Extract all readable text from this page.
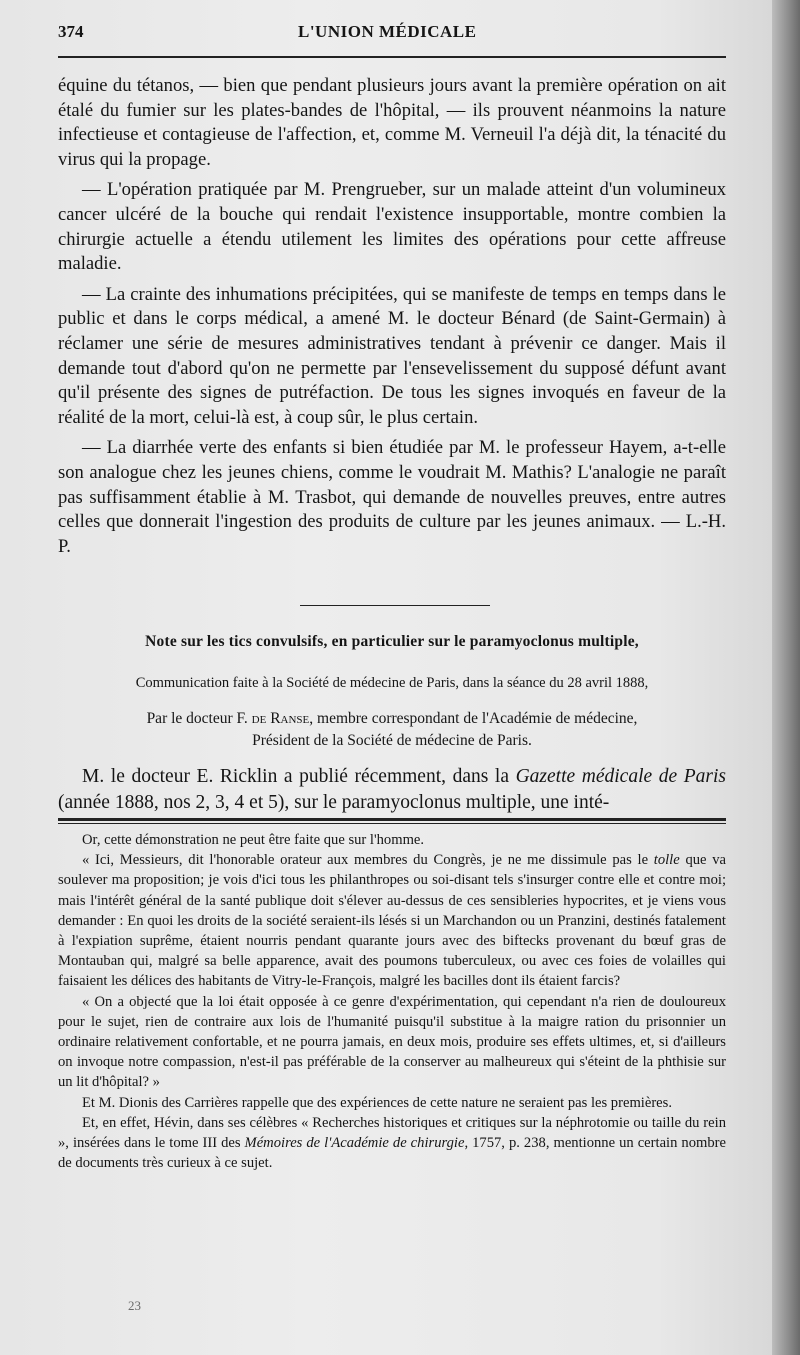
374	L'UNION MÉDICALE

équine du tétanos, — bien que pendant plusieurs jours avant la première opération on ait étalé du fumier sur les plates-bandes de l'hôpital, — ils prouvent néanmoins la nature infectieuse et contagieuse de l'affection, et, comme M. Verneuil l'a déjà dit, la ténacité du virus qui la propage.

— L'opération pratiquée par M. Prengrueber, sur un malade atteint d'un volumineux cancer ulcéré de la bouche qui rendait l'existence insupportable, montre combien la chirurgie actuelle a étendu utilement les limites des opérations pour cette affreuse maladie.

— La crainte des inhumations précipitées, qui se manifeste de temps en temps dans le public et dans le corps médical, a amené M. le docteur Bénard (de Saint-Germain) à réclamer une série de mesures administratives tendant à prévenir ce danger. Mais il demande tout d'abord qu'on ne permette par l'ensevelissement du supposé défunt avant qu'il présente des signes de putréfaction. De tous les signes invoqués en faveur de la réalité de la mort, celui-là est, à coup sûr, le plus certain.

— La diarrhée verte des enfants si bien étudiée par M. le professeur Hayem, a-t-elle son analogue chez les jeunes chiens, comme le voudrait M. Mathis? L'analogie ne paraît pas suffisamment établie à M. Trasbot, qui demande de nouvelles preuves, entre autres celles que donnerait l'ingestion des produits de culture par les jeunes animaux. — L.-H. P.

Note sur les tics convulsifs, en particulier sur le paramyoclonus multiple,
Communication faite à la Société de médecine de Paris, dans la séance du 28 avril 1888,
Par le docteur F. de Ranse, membre correspondant de l'Académie de médecine,
Président de la Société de médecine de Paris.

M. le docteur E. Ricklin a publié récemment, dans la Gazette médicale de Paris (année 1888, nos 2, 3, 4 et 5), sur le paramyoclonus multiple, une inté-

Or, cette démonstration ne peut être faite que sur l'homme.

« Ici, Messieurs, dit l'honorable orateur aux membres du Congrès, je ne me dissimule pas le tolle que va soulever ma proposition; je vois d'ici tous les philanthropes ou soi-disant tels s'insurger contre elle et contre moi; mais l'intérêt général de la santé publique doit s'élever au-dessus de ces sensibleries hypocrites, et je viens vous demander : En quoi les droits de la société seraient-ils lésés si un Marchandon ou un Pranzini, destinés fatalement à l'expiation suprême, étaient nourris pendant quarante jours avec des biftecks provenant du bœuf gras de Montauban qui, malgré sa belle apparence, avait des poumons tuberculeux, ou avec ces foies de volailles qui faisaient les délices des habitants de Vitry-le-François, malgré les bacilles dont ils étaient farcis?

« On a objecté que la loi était opposée à ce genre d'expérimentation, qui cependant n'a rien de douloureux pour le sujet, rien de contraire aux lois de l'humanité puisqu'il substitue à la maigre ration du prisonnier un ordinaire relativement confortable, et ne pourra jamais, en deux mois, produire ses effets ultimes, et, si d'ailleurs on invoque notre compassion, n'est-il pas préférable de la conserver au malheureux qui s'éteint de la phthisie sur un lit d'hôpital? »

Et M. Dionis des Carrières rappelle que des expériences de cette nature ne seraient pas les premières.

Et, en effet, Hévin, dans ses célèbres « Recherches historiques et critiques sur la néphrotomie ou taille du rein », insérées dans le tome III des Mémoires de l'Académie de chirurgie, 1757, p. 238, mentionne un certain nombre de documents très curieux à ce sujet.

23
